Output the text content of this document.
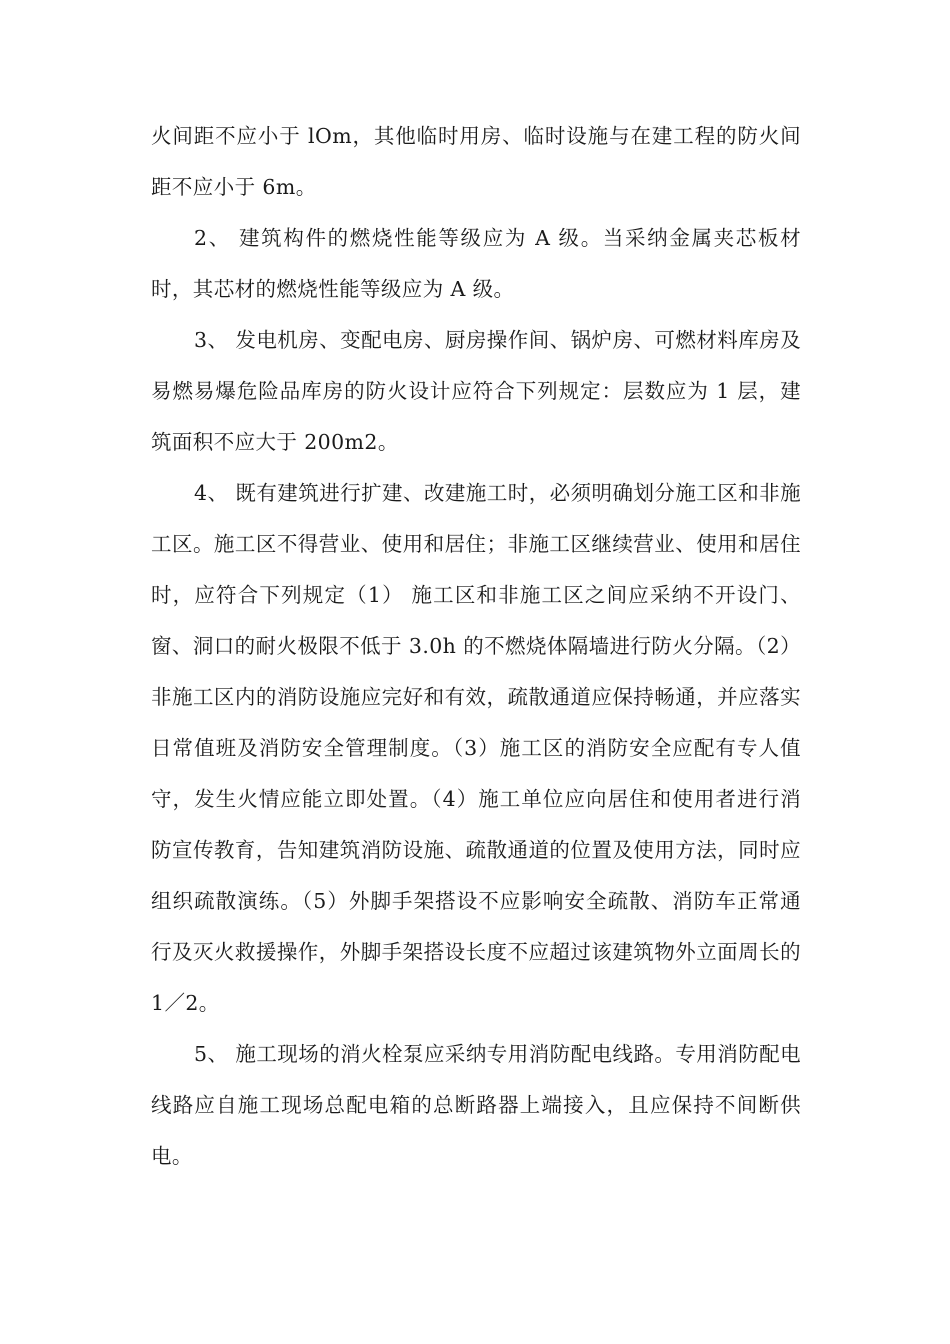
火间距不应小于 lOm，其他临时用房、临时设施与在建工程的防火间距不应小于 6m。

2、 建筑构件的燃烧性能等级应为 A 级。当采纳金属夹芯板材时，其芯材的燃烧性能等级应为 A 级。

3、 发电机房、变配电房、厨房操作间、锅炉房、可燃材料库房及易燃易爆危险品库房的防火设计应符合下列规定：层数应为 1 层，建筑面积不应大于 200m2。

4、 既有建筑进行扩建、改建施工时，必须明确划分施工区和非施工区。施工区不得营业、使用和居住；非施工区继续营业、使用和居住时，应符合下列规定（1） 施工区和非施工区之间应采纳不开设门、窗、洞口的耐火极限不低于 3.0h 的不燃烧体隔墙进行防火分隔。（2）非施工区内的消防设施应完好和有效，疏散通道应保持畅通，并应落实日常值班及消防安全管理制度。（3）施工区的消防安全应配有专人值守，发生火情应能立即处置。（4）施工单位应向居住和使用者进行消防宣传教育，告知建筑消防设施、疏散通道的位置及使用方法，同时应组织疏散演练。（5）外脚手架搭设不应影响安全疏散、消防车正常通行及灭火救援操作，外脚手架搭设长度不应超过该建筑物外立面周长的 1／2。

5、 施工现场的消火栓泵应采纳专用消防配电线路。专用消防配电线路应自施工现场总配电箱的总断路器上端接入，且应保持不间断供电。
